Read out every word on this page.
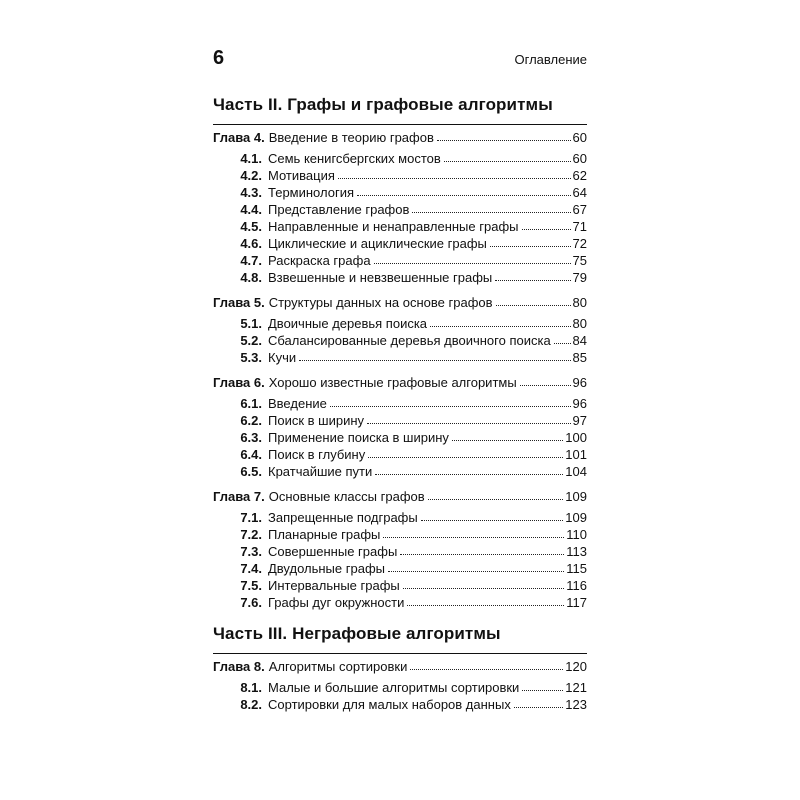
6	Оглавление
Часть II. Графы и графовые алгоритмы
Глава 4. Введение в теорию графов	60
4.1. Семь кенигсбергских мостов	60
4.2. Мотивация	62
4.3. Терминология	64
4.4. Представление графов	67
4.5. Направленные и ненаправленные графы	71
4.6. Циклические и ациклические графы	72
4.7. Раскраска графа	75
4.8. Взвешенные и невзвешенные графы	79
Глава 5. Структуры данных на основе графов	80
5.1. Двоичные деревья поиска	80
5.2. Сбалансированные деревья двоичного поиска 84
5.3. Кучи	85
Глава 6. Хорошо известные графовые алгоритмы	96
6.1. Введение	96
6.2. Поиск в ширину	97
6.3. Применение поиска в ширину	100
6.4. Поиск в глубину	101
6.5. Кратчайшие пути	104
Глава 7. Основные классы графов	109
7.1. Запрещенные подграфы	109
7.2. Планарные графы	110
7.3. Совершенные графы	113
7.4. Двудольные графы	115
7.5. Интервальные графы	116
7.6. Графы дуг окружности	117
Часть III. Неграфовые алгоритмы
Глава 8. Алгоритмы сортировки	120
8.1. Малые и большие алгоритмы сортировки	121
8.2. Сортировки для малых наборов данных	123
